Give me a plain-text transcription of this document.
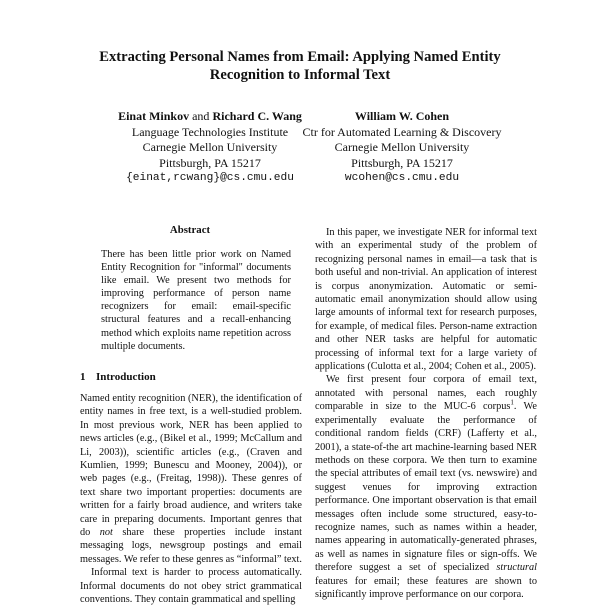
Extracting Personal Names from Email: Applying Named Entity
Recognition to Informal Text
Einat Minkov and Richard C. Wang
Language Technologies Institute
Carnegie Mellon University
Pittsburgh, PA 15217
{einat,rcwang}@cs.cmu.edu
William W. Cohen
Ctr for Automated Learning & Discovery
Carnegie Mellon University
Pittsburgh, PA 15217
wcohen@cs.cmu.edu
Abstract
There has been little prior work on Named Entity Recognition for "informal" documents like email. We present two methods for improving performance of person name recognizers for email: email-specific structural features and a recall-enhancing method which exploits name repetition across multiple documents.
1 Introduction

Named entity recognition (NER), the identification of entity names in free text, is a well-studied problem. In most previous work, NER has been applied to news articles (e.g., (Bikel et al., 1999; McCallum and Li, 2003)), scientific articles (e.g., (Craven and Kumlien, 1999; Bunescu and Mooney, 2004)), or web pages (e.g., (Freitag, 1998)). These genres of text share two important properties: documents are written for a fairly broad audience, and writers take care in preparing documents. Important genres that do not share these properties include instant messaging logs, newsgroup postings and email messages. We refer to these genres as “informal” text.

Informal text is harder to process automatically. Informal documents do not obey strict grammatical conventions. They contain grammatical and spelling

In this paper, we investigate NER for informal text with an experimental study of the problem of recognizing personal names in email—a task that is both useful and non-trivial. An application of interest is corpus anonymization. Automatic or semi-automatic email anonymization should allow using large amounts of informal text for research purposes, for example, of medical files. Person-name extraction and other NER tasks are helpful for automatic processing of informal text for a large variety of applications (Culotta et al., 2004; Cohen et al., 2005).

We first present four corpora of email text, annotated with personal names, each roughly comparable in size to the MUC-6 corpus$^1$. We experimentally evaluate the performance of conditional random fields (CRF) (Lafferty et al., 2001), a state-of-the art machine-learning based NER methods on these corpora. We then turn to examine the special attributes of email text (vs. newswire) and suggest venues for improving extraction performance. One important observation is that email messages often include some structured, easy-to-recognize names, such as names within a header, names appearing in automatically-generated phrases, as well as names in signature files or sign-offs. We therefore suggest a set of specialized structural features for email; these features are shown to significantly improve performance on our corpora.
